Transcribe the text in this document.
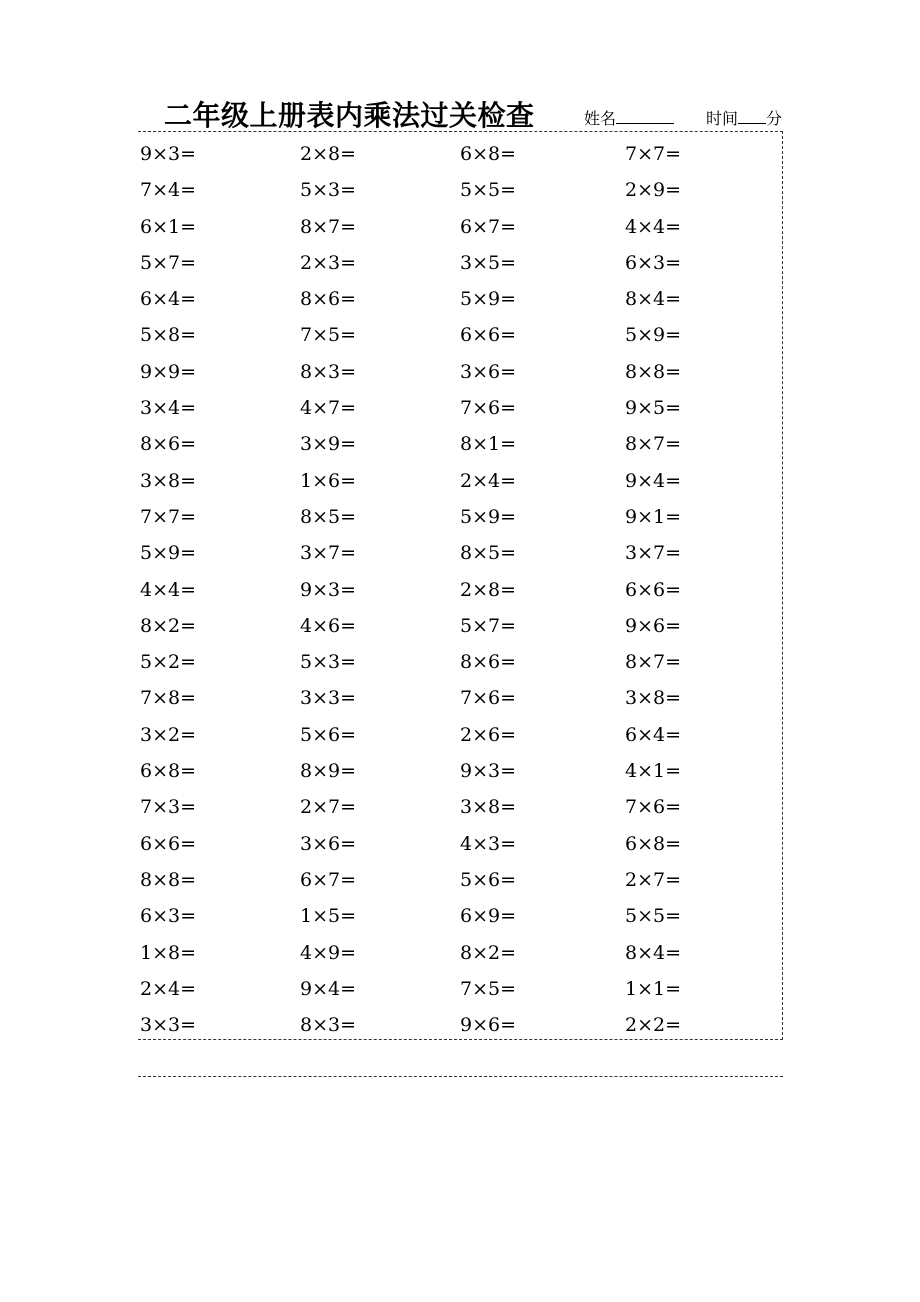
二年级上册表内乘法过关检查	姓名	时间 分
9×3=	2×8=	6×8=	7×7=
7×4=	5×3=	5×5=	2×9=
6×1=	8×7=	6×7=	4×4=
5×7=	2×3=	3×5=	6×3=
6×4=	8×6=	5×9=	8×4=
5×8=	7×5=	6×6=	5×9=
9×9=	8×3=	3×6=	8×8=
3×4=	4×7=	7×6=	9×5=
8×6=	3×9=	8×1=	8×7=
3×8=	1×6=	2×4=	9×4=
7×7=	8×5=	5×9=	9×1=
5×9=	3×7=	8×5=	3×7=
4×4=	9×3=	2×8=	6×6=
8×2=	4×6=	5×7=	9×6=
5×2=	5×3=	8×6=	8×7=
7×8=	3×3=	7×6=	3×8=
3×2=	5×6=	2×6=	6×4=
6×8=	8×9=	9×3=	4×1=
7×3=	2×7=	3×8=	7×6=
6×6=	3×6=	4×3=	6×8=
8×8=	6×7=	5×6=	2×7=
6×3=	1×5=	6×9=	5×5=
1×8=	4×9=	8×2=	8×4=
2×4=	9×4=	7×5=	1×1=
3×3=	8×3=	9×6=	2×2=
